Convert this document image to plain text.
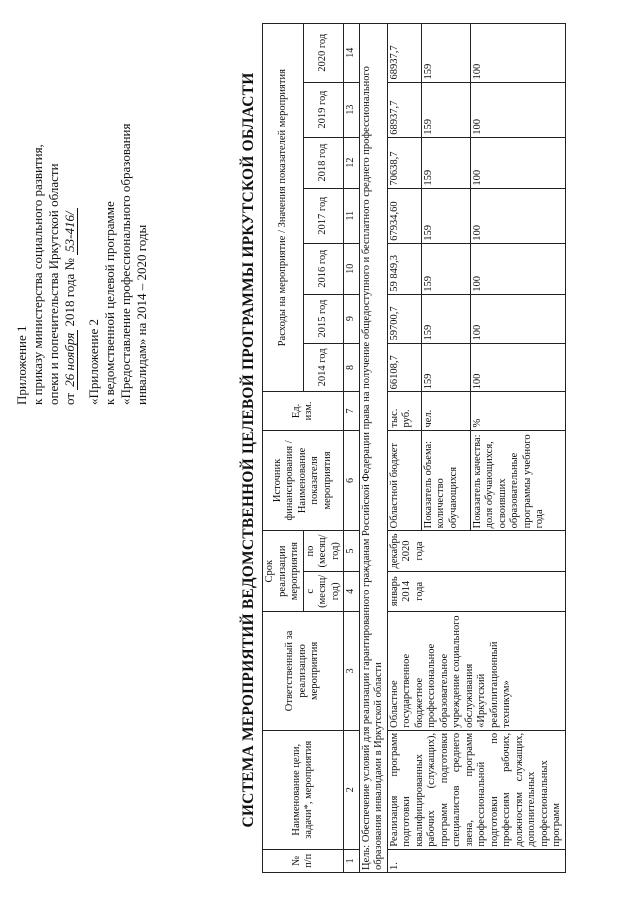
Приложение 1 к приказу министерства социального развития, опеки и попечительства Иркутской области от 26 ноября 2018 года № 53-416/
«Приложение 2 к ведомственной целевой программе «Предоставление профессионального образования инвалидам» на 2014 – 2020 годы	СИСТЕМА МЕРОПРИЯТИЙ ВЕДОМСТВЕННОЙ ЦЕЛЕВОЙ ПРОГРАММЫ ИРКУТСКОЙ ОБЛАСТИ
№ п/п	Наименование цели, задачи*, мероприятия	Ответственный за реализацию мероприятия	Срок реализации мероприятия		Источник финансирования / Наименование показателя мероприятия	Ед. изм.	Расходы на мероприятие / Значения показателей мероприятия						
			с (месяц/ год)	по (месяц/ год)			2014 год	2015 год	2016 год	2017 год	2018 год	2019 год	2020 год
1	2	3	4	5	6	7	8	9	10	11	12	13	14
Цель: Обеспечение условий для реализации гарантированного гражданам Российской Федерации права на получение общедоступного и бесплатного среднего профессионального образования инвалидами в Иркутской области													
1.	Реализация программ подготовки квалифицированных рабочих (служащих), программ подготовки специалистов среднего звена, программ профессиональной подготовки по профессиям рабочих, должностям служащих, дополнительных профессиональных программ	Областное государственное бюджетное профессиональное образовательное учреждение социального обслуживания «Иркутский реабилитационный техникум»	январь 2014 года	декабрь 2020 года	Областной бюджет	тыс. руб.	66108,7	59700,7	59 849,3	67934,60	70638,7	68937,7	68937,7
					Показатель объема: количество обучающихся	чел.	159	159	159	159	159	159	159
					Показатель качества: доля обучающихся, освоивших образовательные программы учебного года	%	100	100	100	100	100	100	100
